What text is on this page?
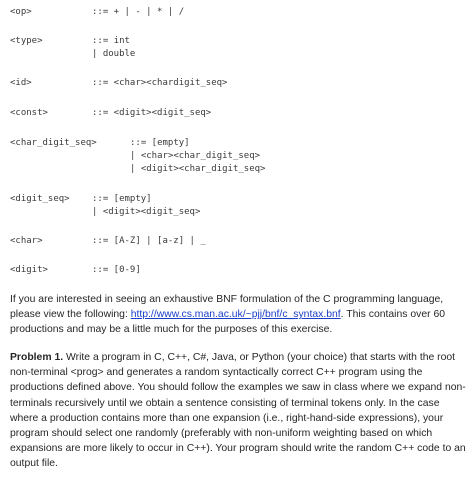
<op>	::= + | - | * | /
<type>	::= int
| double
<id>	::= <char><chardigit_seq>
<const>	::= <digit><digit_seq>
<char_digit_seq>	::= [empty]
| <char><char_digit_seq>
| <digit><char_digit_seq>
<digit_seq> ::= [empty]
| <digit><digit_seq>
<char>	::= [A-Z] | [a-z] | _
<digit>	::= [0-9]

If you are interested in seeing an exhaustive BNF formulation of the C programming language, please view the following: http://www.cs.man.ac.uk/~pjj/bnf/c_syntax.bnf. This contains over 60 productions and may be a little much for the purposes of this exercise.

Problem 1. Write a program in C, C++, C#, Java, or Python (your choice) that starts with the root non-terminal <prog> and generates a random syntactically correct C++ program using the productions defined above. You should follow the examples we saw in class where we expand non-terminals recursively until we obtain a sentence consisting of terminal tokens only. In the case where a production contains more than one expansion (i.e., right-hand-side expressions), your program should select one randomly (preferably with non-uniform weighting based on which expansions are more likely to occur in C++). Your program should write the random C++ code to an output file.
